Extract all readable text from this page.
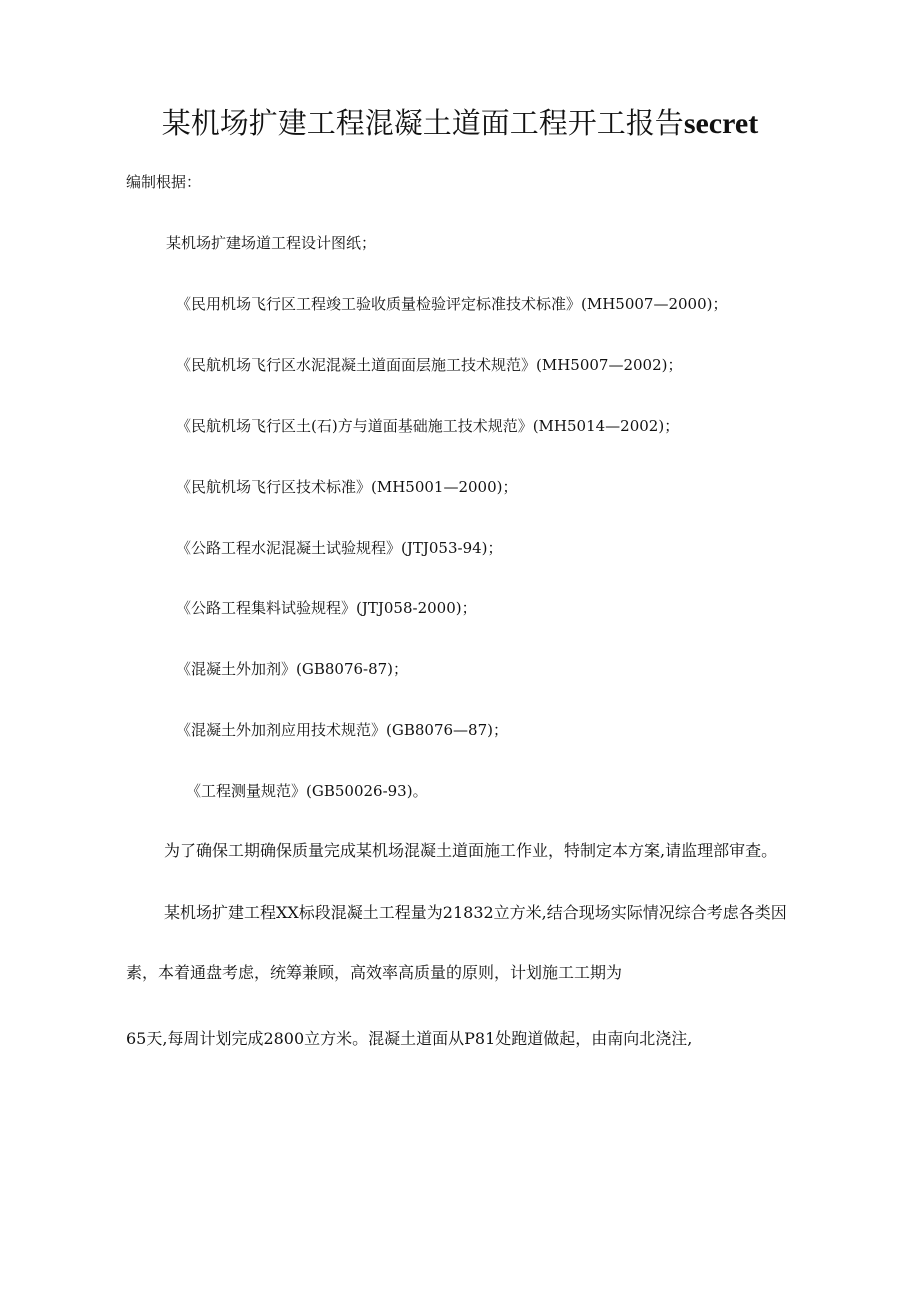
某机场扩建工程混凝土道面工程开工报告secret

编制根据：

某机场扩建场道工程设计图纸；

《民用机场飞行区工程竣工验收质量检验评定标准技术标准》(MH5007—2000)；

《民航机场飞行区水泥混凝土道面面层施工技术规范》(MH5007—2002)；

《民航机场飞行区土(石)方与道面基础施工技术规范》(MH5014—2002)；

《民航机场飞行区技术标准》(MH5001—2000)；

《公路工程水泥混凝土试验规程》(JTJ053-94)；

《公路工程集料试验规程》(JTJ058-2000)；

《混凝土外加剂》(GB8076-87)；

《混凝土外加剂应用技术规范》(GB8076—87)；

《工程测量规范》(GB50026-93)。

为了确保工期确保质量完成某机场混凝土道面施工作业，特制定本方案,请监理部审查。

某机场扩建工程XX标段混凝土工程量为21832立方米,结合现场实际情况综合考虑各类因

素，本着通盘考虑，统筹兼顾，高效率高质量的原则，计划施工工期为

65天,每周计划完成2800立方米。混凝土道面从P81处跑道做起，由南向北浇注,
